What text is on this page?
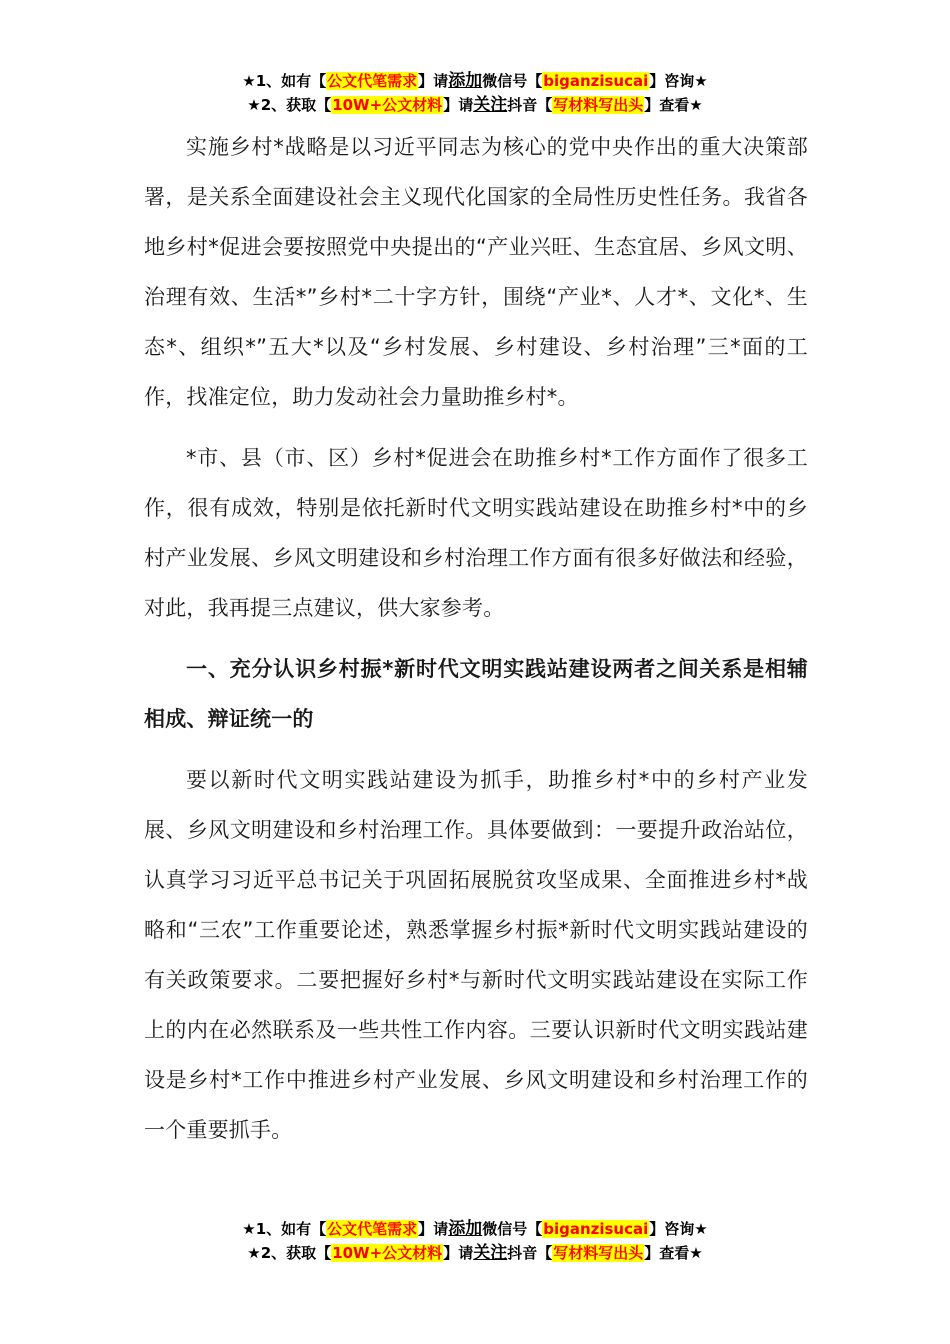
★1、如有【公文代笔需求】请添加微信号【biganzisucai】咨询★
★2、获取【10W+公文材料】请关注抖音【写材料写出头】查看★

实施乡村*战略是以习近平同志为核心的党中央作出的重大决策部署，是关系全面建设社会主义现代化国家的全局性历史性任务。我省各地乡村*促进会要按照党中央提出的“产业兴旺、生态宜居、乡风文明、治理有效、生活*”乡村*二十字方针，围绕“产业*、人才*、文化*、生态*、组织*”五大*以及“乡村发展、乡村建设、乡村治理”三*面的工作，找准定位，助力发动社会力量助推乡村*。

*市、县（市、区）乡村*促进会在助推乡村*工作方面作了很多工作，很有成效，特别是依托新时代文明实践站建设在助推乡村*中的乡村产业发展、乡风文明建设和乡村治理工作方面有很多好做法和经验，对此，我再提三点建议，供大家参考。

一、充分认识乡村振*新时代文明实践站建设两者之间关系是相辅相成、辩证统一的

要以新时代文明实践站建设为抓手，助推乡村*中的乡村产业发展、乡风文明建设和乡村治理工作。具体要做到：一要提升政治站位，认真学习习近平总书记关于巩固拓展脱贫攻坚成果、全面推进乡村*战略和“三农”工作重要论述，熟悉掌握乡村振*新时代文明实践站建设的有关政策要求。二要把握好乡村*与新时代文明实践站建设在实际工作上的内在必然联系及一些共性工作内容。三要认识新时代文明实践站建设是乡村*工作中推进乡村产业发展、乡风文明建设和乡村治理工作的一个重要抓手。

★1、如有【公文代笔需求】请添加微信号【biganzisucai】咨询★
★2、获取【10W+公文材料】请关注抖音【写材料写出头】查看★
